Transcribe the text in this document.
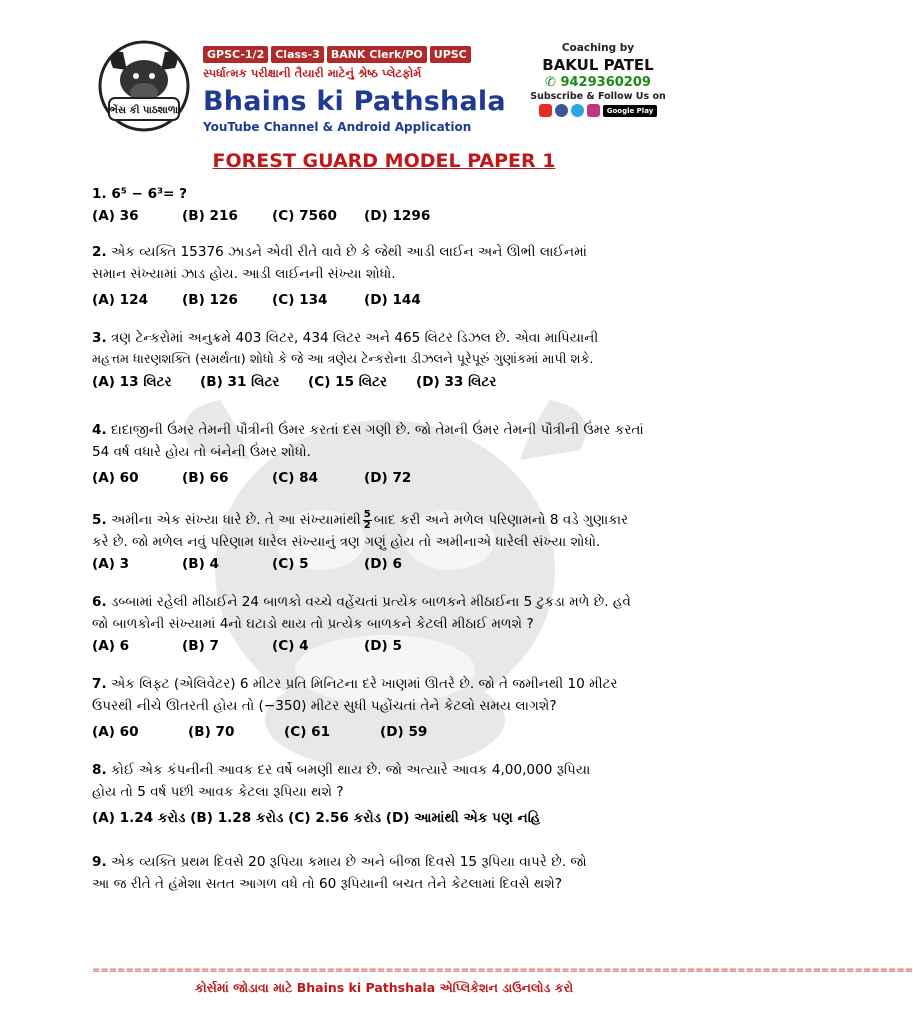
ભેંસ કી પાઠશાળા
GPSC-1/2	Class-3	BANK Clerk/PO	UPSC
સ્પર્ધાત્મક પરીક્ષાની તૈયારી માટેનું શ્રેષ્ઠ પ્લેટફોર્મ
Bhains ki Pathshala
YouTube Channel & Android Application
Coaching by
BAKUL PATEL
✆ 9429360209
Subscribe & Follow Us on
Google Play
FOREST GUARD MODEL PAPER 1
1. 6⁵ − 6³= ?
(A) 36	(B) 216	(C) 7560	(D) 1296
2. એક વ્યક્તિ 15376 ઝાડને એવી રીતે વાવે છે કે જેથી આડી લાઈન અને ઊભી લાઈનમાં
સમાન સંખ્યામાં ઝાડ હોય. આડી લાઈનની સંખ્યા શોધો.
(A) 124	(B) 126	(C) 134	(D) 144
3. ત્રણ ટેન્કરોમાં અનુક્રમે 403 લિટર, 434 લિટર અને 465 લિટર ડિઝલ છે. એવા માપિયાની
મહત્તમ ધારણશક્તિ (સમર્થતા) શોધો કે જે આ ત્રણેય ટેન્કરોના ડીઝલને પૂરેપૂરું ગુણાંકમાં માપી શકે.
(A) 13 લિટર	(B) 31 લિટર	(C) 15 લિટર	(D) 33 લિટર
4. દાદાજીની ઉંમર તેમની પૌત્રીની ઉંમર કરતાં દસ ગણી છે. જો તેમની ઉંમર તેમની પૌત્રીની ઉંમર કરતાં
54 વર્ષ વધારે હોય તો બંનેની ઉંમર શોધો.
(A) 60	(B) 66	(C) 84	(D) 72
5. અમીના એક સંખ્યા ધારે છે. તે આ સંખ્યામાંથી $\frac{5}{2}$ બાદ કરી અને મળેલ પરિણામનો 8 વડે ગુણાકાર
કરે છે. જો મળેલ નવું પરિણામ ધારેલ સંખ્યાનું ત્રણ ગણું હોય તો અમીનાએ ધારેલી સંખ્યા શોધો.
(A) 3	(B) 4	(C) 5	(D) 6
6. ડબ્બામાં રહેલી મીઠાઈને 24 બાળકો વચ્ચે વહેંચતાં પ્રત્યેક બાળકને મીઠાઈના 5 ટુકડા મળે છે. હવે
જો બાળકોની સંખ્યામાં 4નો ઘટાડો થાય તો પ્રત્યેક બાળકને કેટલી મીઠાઈ મળશે ?
(A) 6	(B) 7	(C) 4	(D) 5
7. એક લિફ્ટ (એલિવેટર) 6 મીટર પ્રતિ મિનિટના દરે ખાણમાં ઊતરે છે. જો તે જમીનથી 10 મીટર
ઉપરથી નીચે ઊતરતી હોય તો (−350) મીટર સુધી પહોંચતાં તેને કેટલો સમય લાગશે?
(A) 60	(B) 70	(C) 61	(D) 59
8. કોઈ એક કંપનીની આવક દર વર્ષે બમણી થાય છે. જો અત્યારે આવક 4,00,000 રૂપિયા
હોય તો 5 વર્ષ પછી આવક કેટલા રૂપિયા થશે ?
(A) 1.24 કરોડ (B) 1.28 કરોડ (C) 2.56 કરોડ (D) આમાંથી એક પણ નહિ
9. એક વ્યક્તિ પ્રથમ દિવસે 20 રૂપિયા કમાય છે અને બીજા દિવસે 15 રૂપિયા વાપરે છે. જો
આ જ રીતે તે હંમેશા સતત આગળ વધે તો 60 રૂપિયાની બચત તેને કેટલામાં દિવસે થશે?
==================================================================================================
કોર્સમાં જોડાવા માટે Bhains ki Pathshala એપ્લિકેશન ડાઉનલોડ કરો
